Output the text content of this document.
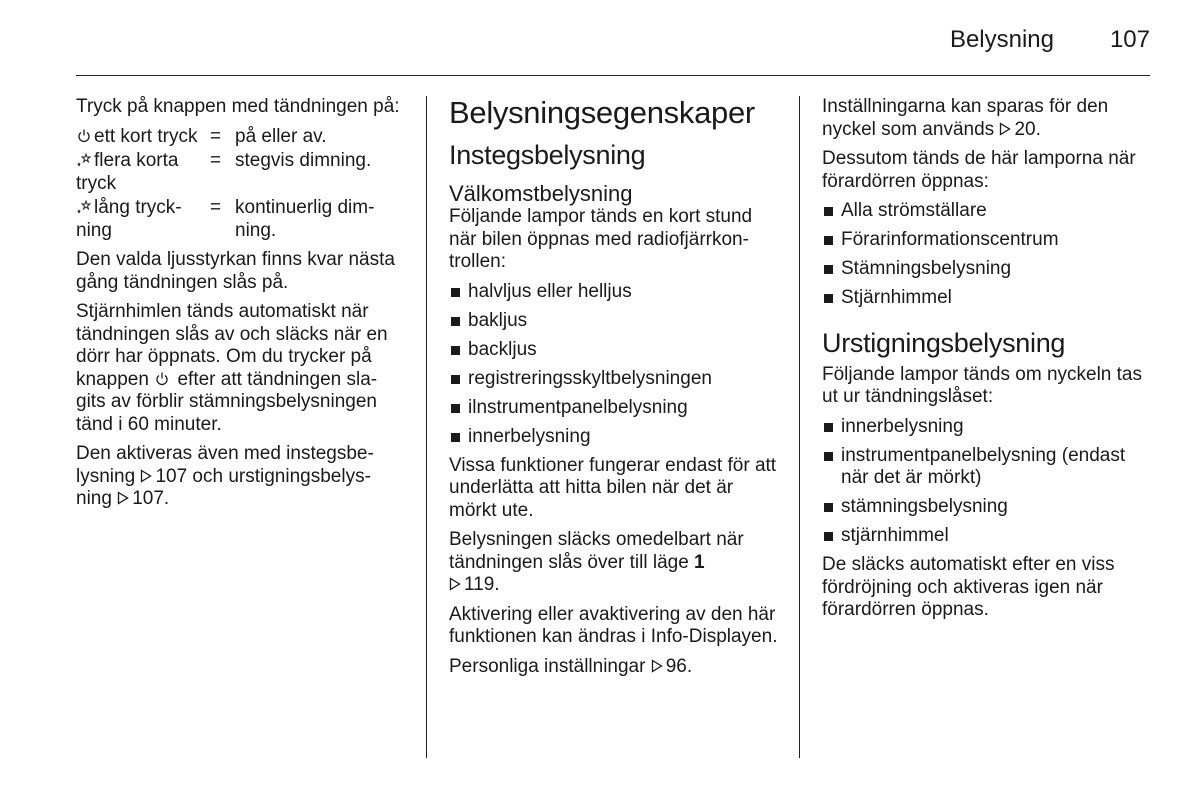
Belysning 107

Tryck på knappen med tändningen på:

ett kort tryck = på eller av.
flera korta tryck
= stegvis dimning.
lång tryck-ning
= kontinuerlig dim-ning.

Den valda ljusstyrkan finns kvar nästa gång tändningen slås på.

Stjärnhimlen tänds automatiskt när tändningen slås av och släcks när en dörr har öppnats. Om du trycker på knappen efter att tändningen sla-gits av förblir stämningsbelysningen tänd i 60 minuter.

Den aktiveras även med instegsbe-lysning 107 och urstigningsbelys-ning 107.

Belysningsegenskaper
Instegsbelysning
Välkomstbelysning

Följande lampor tänds en kort stund när bilen öppnas med radiofjärrkon-trollen:

halvljus eller helljus
bakljus
backljus
registreringsskyltbelysningen
ilnstrumentpanelbelysning
innerbelysning

Vissa funktioner fungerar endast för att underlätta att hitta bilen när det är mörkt ute.

Belysningen släcks omedelbart när tändningen slås över till läge 1
119.

Aktivering eller avaktivering av den här funktionen kan ändras i Info-Displayen.

Personliga inställningar 96.

Inställningarna kan sparas för den nyckel som används 20.

Dessutom tänds de här lamporna när förardörren öppnas:

Alla strömställare
Förarinformationscentrum
Stämningsbelysning
Stjärnhimmel
Urstigningsbelysning

Följande lampor tänds om nyckeln tas ut ur tändningslåset:

innerbelysning
instrumentpanelbelysning (endast när det är mörkt)
stämningsbelysning
stjärnhimmel

De släcks automatiskt efter en viss fördröjning och aktiveras igen när förardörren öppnas.
